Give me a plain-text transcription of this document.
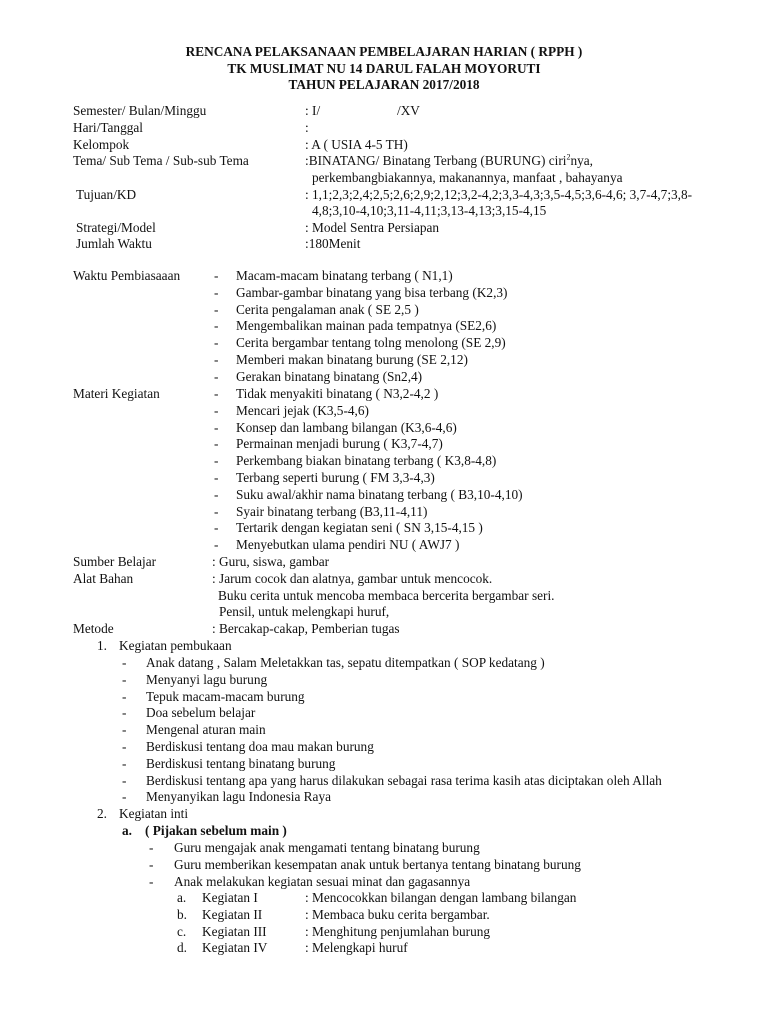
RENCANA PELAKSANAAN PEMBELAJARAN HARIAN ( RPPH )
TK MUSLIMAT NU 14 DARUL FALAH MOYORUTI
TAHUN PELAJARAN 2017/2018
Semester/ Bulan/Minggu	: I/	/XV
Hari/Tanggal	:
Kelompok	: A ( USIA 4-5 TH)
Tema/ Sub Tema / Sub-sub Tema	:BINATANG/ Binatang Terbang (BURUNG) ciri$^2$nya,
perkembangbiakannya, makanannya, manfaat , bahayanya
Tujuan/KD	: 1,1;2,3;2,4;2,5;2,6;2,9;2,12;3,2-4,2;3,3-4,3;3,5-4,5;3,6-4,6; 3,7-4,7;3,8-
4,8;3,10-4,10;3,11-4,11;3,13-4,13;3,15-4,15
Strategi/Model	: Model Sentra Persiapan
Jumlah Waktu	:180Menit
Waktu Pembiasaaan	- Macam-macam binatang terbang ( N1,1)
- Gambar-gambar binatang yang bisa terbang (K2,3)
- Cerita pengalaman anak ( SE 2,5 )
- Mengembalikan mainan pada tempatnya (SE2,6)
- Cerita bergambar tentang tolng menolong (SE 2,9)
- Memberi makan binatang burung (SE 2,12)
- Gerakan binatang binatang (Sn2,4)
Materi Kegiatan	- Tidak menyakiti binatang ( N3,2-4,2 )
- Mencari jejak (K3,5-4,6)
- Konsep dan lambang bilangan (K3,6-4,6)
- Permainan menjadi burung ( K3,7-4,7)
- Perkembang biakan binatang terbang ( K3,8-4,8)
- Terbang seperti burung ( FM 3,3-4,3)
- Suku awal/akhir nama binatang terbang ( B3,10-4,10)
- Syair binatang terbang (B3,11-4,11)
- Tertarik dengan kegiatan seni ( SN 3,15-4,15 )
- Menyebutkan ulama pendiri NU ( AWJ7 )
Sumber Belajar	: Guru, siswa, gambar
Alat Bahan	: Jarum cocok dan alatnya, gambar untuk mencocok.
Buku cerita untuk mencoba membaca bercerita bergambar seri.
Pensil, untuk melengkapi huruf,
Metode	: Bercakap-cakap, Pemberian tugas
1. Kegiatan pembukaan
- Anak datang , Salam Meletakkan tas, sepatu ditempatkan ( SOP kedatang )
- Menyanyi lagu burung
- Tepuk macam-macam burung
- Doa sebelum belajar
- Mengenal aturan main
- Berdiskusi tentang doa mau makan burung
- Berdiskusi tentang binatang burung
- Berdiskusi tentang apa yang harus dilakukan sebagai rasa terima kasih atas diciptakan oleh Allah
- Menyanyikan lagu Indonesia Raya
2. Kegiatan inti
a. ( Pijakan sebelum main )
- Guru mengajak anak mengamati tentang binatang burung
- Guru memberikan kesempatan anak untuk bertanya tentang binatang burung
- Anak melakukan kegiatan sesuai minat dan gagasannya
a. Kegiatan I	: Mencocokkan bilangan dengan lambang bilangan
b. Kegiatan II	: Membaca buku cerita bergambar.
c. Kegiatan III	: Menghitung penjumlahan burung
d. Kegiatan IV	: Melengkapi huruf
